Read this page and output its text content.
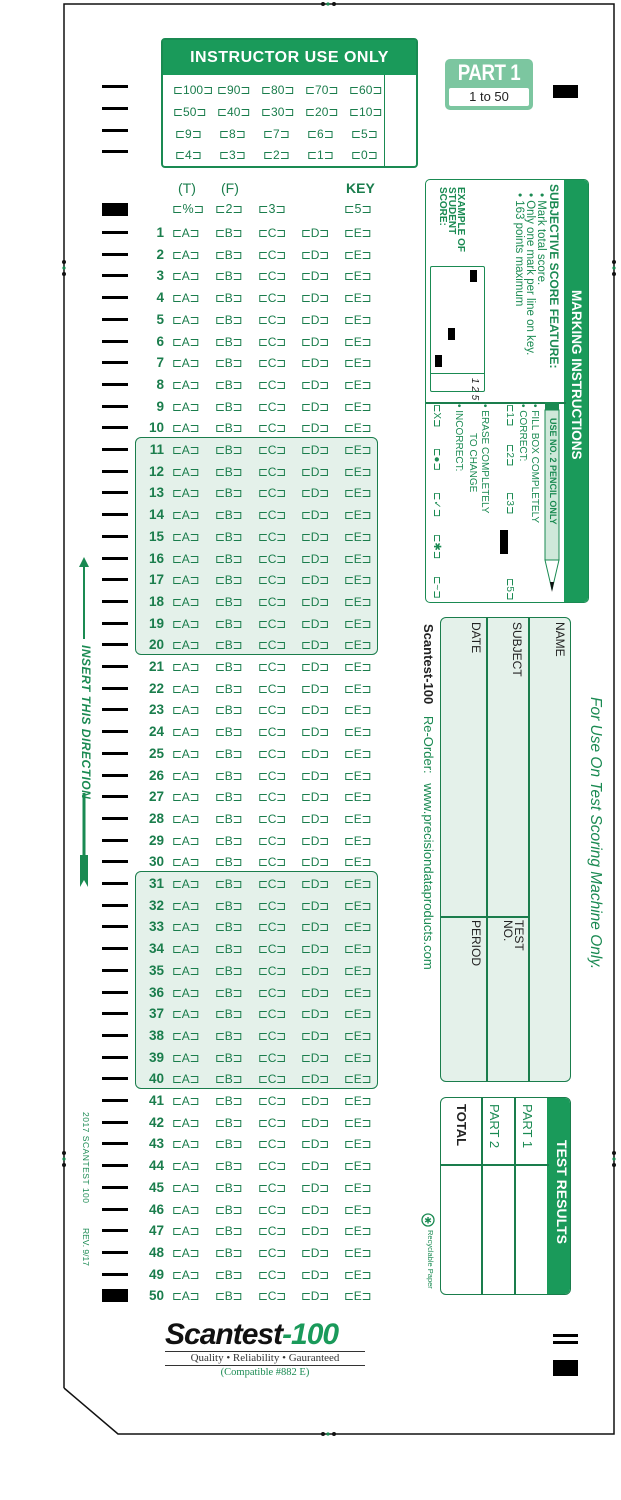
INSTRUCTOR USE ONLY
⊏100⊐ ⊏90⊐ ⊏80⊐ ⊏70⊐ ⊏60⊐
⊏50⊐ ⊏40⊐ ⊏30⊐ ⊏20⊐ ⊏10⊐
⊏9⊐ ⊏8⊐ ⊏7⊐ ⊏6⊐ ⊏5⊐
⊏4⊐ ⊏3⊐ ⊏2⊐ ⊏1⊐ ⊏0⊐
PART 1
1 to 50
(T) (F)	KEY
⊏%⊐ ⊏2⊐ ⊏3⊐	⊏5⊐
1 ⊏A⊐	⊏B⊐	⊏C⊐	⊏D⊐	⊏E⊐
2 ⊏A⊐	⊏B⊐	⊏C⊐	⊏D⊐	⊏E⊐
3 ⊏A⊐	⊏B⊐	⊏C⊐	⊏D⊐	⊏E⊐
4 ⊏A⊐	⊏B⊐	⊏C⊐	⊏D⊐	⊏E⊐
5 ⊏A⊐	⊏B⊐	⊏C⊐	⊏D⊐	⊏E⊐
6 ⊏A⊐	⊏B⊐	⊏C⊐	⊏D⊐	⊏E⊐
7 ⊏A⊐	⊏B⊐	⊏C⊐	⊏D⊐	⊏E⊐
8 ⊏A⊐	⊏B⊐	⊏C⊐	⊏D⊐	⊏E⊐
9 ⊏A⊐	⊏B⊐	⊏C⊐	⊏D⊐	⊏E⊐
10 ⊏A⊐	⊏B⊐	⊏C⊐	⊏D⊐	⊏E⊐
11 ⊏A⊐	⊏B⊐	⊏C⊐	⊏D⊐	⊏E⊐
12 ⊏A⊐	⊏B⊐	⊏C⊐	⊏D⊐	⊏E⊐
13 ⊏A⊐	⊏B⊐	⊏C⊐	⊏D⊐	⊏E⊐
14 ⊏A⊐	⊏B⊐	⊏C⊐	⊏D⊐	⊏E⊐
15 ⊏A⊐	⊏B⊐	⊏C⊐	⊏D⊐	⊏E⊐
16 ⊏A⊐	⊏B⊐	⊏C⊐	⊏D⊐	⊏E⊐
17 ⊏A⊐	⊏B⊐	⊏C⊐	⊏D⊐	⊏E⊐
18 ⊏A⊐	⊏B⊐	⊏C⊐	⊏D⊐	⊏E⊐
19 ⊏A⊐	⊏B⊐	⊏C⊐	⊏D⊐	⊏E⊐
20 ⊏A⊐	⊏B⊐	⊏C⊐	⊏D⊐	⊏E⊐
21 ⊏A⊐	⊏B⊐	⊏C⊐	⊏D⊐	⊏E⊐
22 ⊏A⊐	⊏B⊐	⊏C⊐	⊏D⊐	⊏E⊐
23 ⊏A⊐	⊏B⊐	⊏C⊐	⊏D⊐	⊏E⊐
24 ⊏A⊐	⊏B⊐	⊏C⊐	⊏D⊐	⊏E⊐
25 ⊏A⊐	⊏B⊐	⊏C⊐	⊏D⊐	⊏E⊐
26 ⊏A⊐	⊏B⊐	⊏C⊐	⊏D⊐	⊏E⊐
27 ⊏A⊐	⊏B⊐	⊏C⊐	⊏D⊐	⊏E⊐
28 ⊏A⊐	⊏B⊐	⊏C⊐	⊏D⊐	⊏E⊐
29 ⊏A⊐	⊏B⊐	⊏C⊐	⊏D⊐	⊏E⊐
30 ⊏A⊐	⊏B⊐	⊏C⊐	⊏D⊐	⊏E⊐
31 ⊏A⊐	⊏B⊐	⊏C⊐	⊏D⊐	⊏E⊐
32 ⊏A⊐	⊏B⊐	⊏C⊐	⊏D⊐	⊏E⊐
33 ⊏A⊐	⊏B⊐	⊏C⊐	⊏D⊐	⊏E⊐
34 ⊏A⊐	⊏B⊐	⊏C⊐	⊏D⊐	⊏E⊐
35 ⊏A⊐	⊏B⊐	⊏C⊐	⊏D⊐	⊏E⊐
36 ⊏A⊐	⊏B⊐	⊏C⊐	⊏D⊐	⊏E⊐
37 ⊏A⊐	⊏B⊐	⊏C⊐	⊏D⊐	⊏E⊐
38 ⊏A⊐	⊏B⊐	⊏C⊐	⊏D⊐	⊏E⊐
39 ⊏A⊐	⊏B⊐	⊏C⊐	⊏D⊐	⊏E⊐
40 ⊏A⊐	⊏B⊐	⊏C⊐	⊏D⊐	⊏E⊐
41 ⊏A⊐	⊏B⊐	⊏C⊐	⊏D⊐	⊏E⊐
42 ⊏A⊐	⊏B⊐	⊏C⊐	⊏D⊐	⊏E⊐
43 ⊏A⊐	⊏B⊐	⊏C⊐	⊏D⊐	⊏E⊐
44 ⊏A⊐	⊏B⊐	⊏C⊐	⊏D⊐	⊏E⊐
45 ⊏A⊐	⊏B⊐	⊏C⊐	⊏D⊐	⊏E⊐
46 ⊏A⊐	⊏B⊐	⊏C⊐	⊏D⊐	⊏E⊐
47 ⊏A⊐	⊏B⊐	⊏C⊐	⊏D⊐	⊏E⊐
48 ⊏A⊐	⊏B⊐	⊏C⊐	⊏D⊐	⊏E⊐
49 ⊏A⊐	⊏B⊐	⊏C⊐	⊏D⊐	⊏E⊐
50 ⊏A⊐	⊏B⊐	⊏C⊐	⊏D⊐	⊏E⊐
INSERT THIS DIRECTION
2017 SCANTEST 100
REV. 9/17
MARKING INSTRUCTIONS
SUBJECTIVE SCORE FEATURE:
• Mark total score.
• Only one mark per line on key.
• 163 points maximum
EXAMPLE OF STUDENT SCORE:
1 2 5
USE NO. 2 PENCIL ONLY
• FILL BOX COMPLETELY
• CORRECT:
⊏1⊐
⊏2⊐
⊏3⊐
⊏5⊐
• ERASE COMPLETELY
TO CHANGE
• INCORRECT:
⊏X⊐
⊏●⊐
⊏✓⊐
⊏✱⊐
⊏~⊐
For Use On Test Scoring Machine Only.
NAME
SUBJECT
DATE
TEST NO.
PERIOD
Scantest-100 Re-Order: www.precisiondataproducts.com
TEST RESULTS
PART 1
PART 2
TOTAL
✱
Recyclable Paper
Scantest-100
Quality • Reliability • Gauranteed
(Compatible #882 E)
